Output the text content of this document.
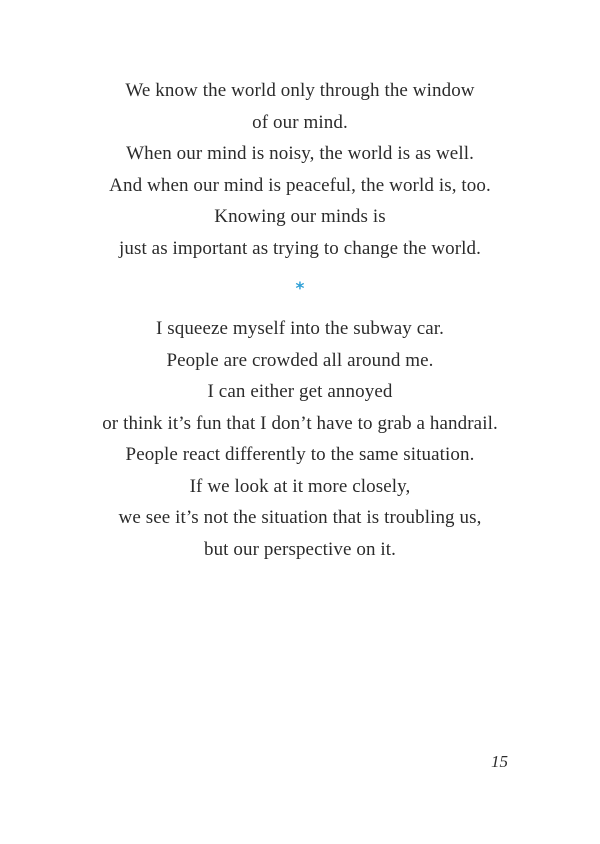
We know the world only through the window
of our mind.
When our mind is noisy, the world is as well.
And when our mind is peaceful, the world is, too.
Knowing our minds is
just as important as trying to change the world.
*
I squeeze myself into the subway car.
People are crowded all around me.
I can either get annoyed
or think it’s fun that I don’t have to grab a handrail.
People react differently to the same situation.
If we look at it more closely,
we see it’s not the situation that is troubling us,
but our perspective on it.
15
